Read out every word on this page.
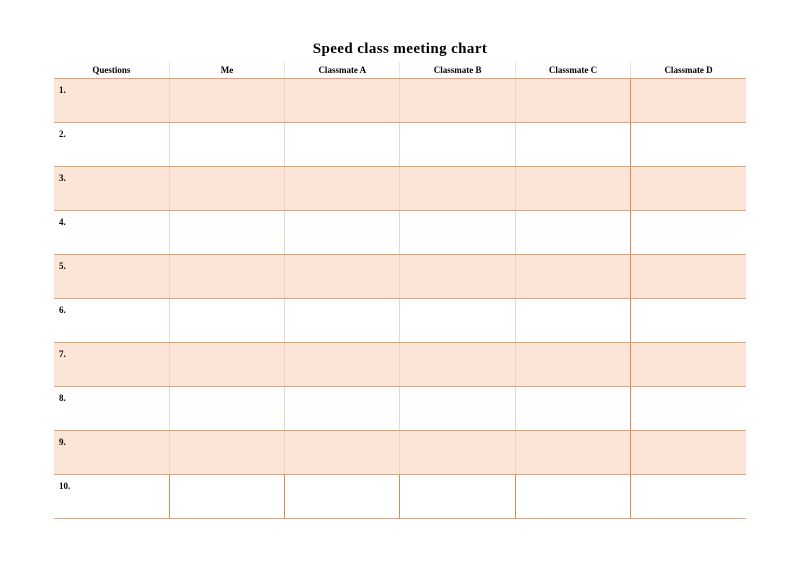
Speed class meeting chart
Questions	Me	Classmate A	Classmate B	Classmate C	Classmate D

1.					

2.					

3.					

4.					

5.					

6.					

7.					

8.					

9.					

10.					
